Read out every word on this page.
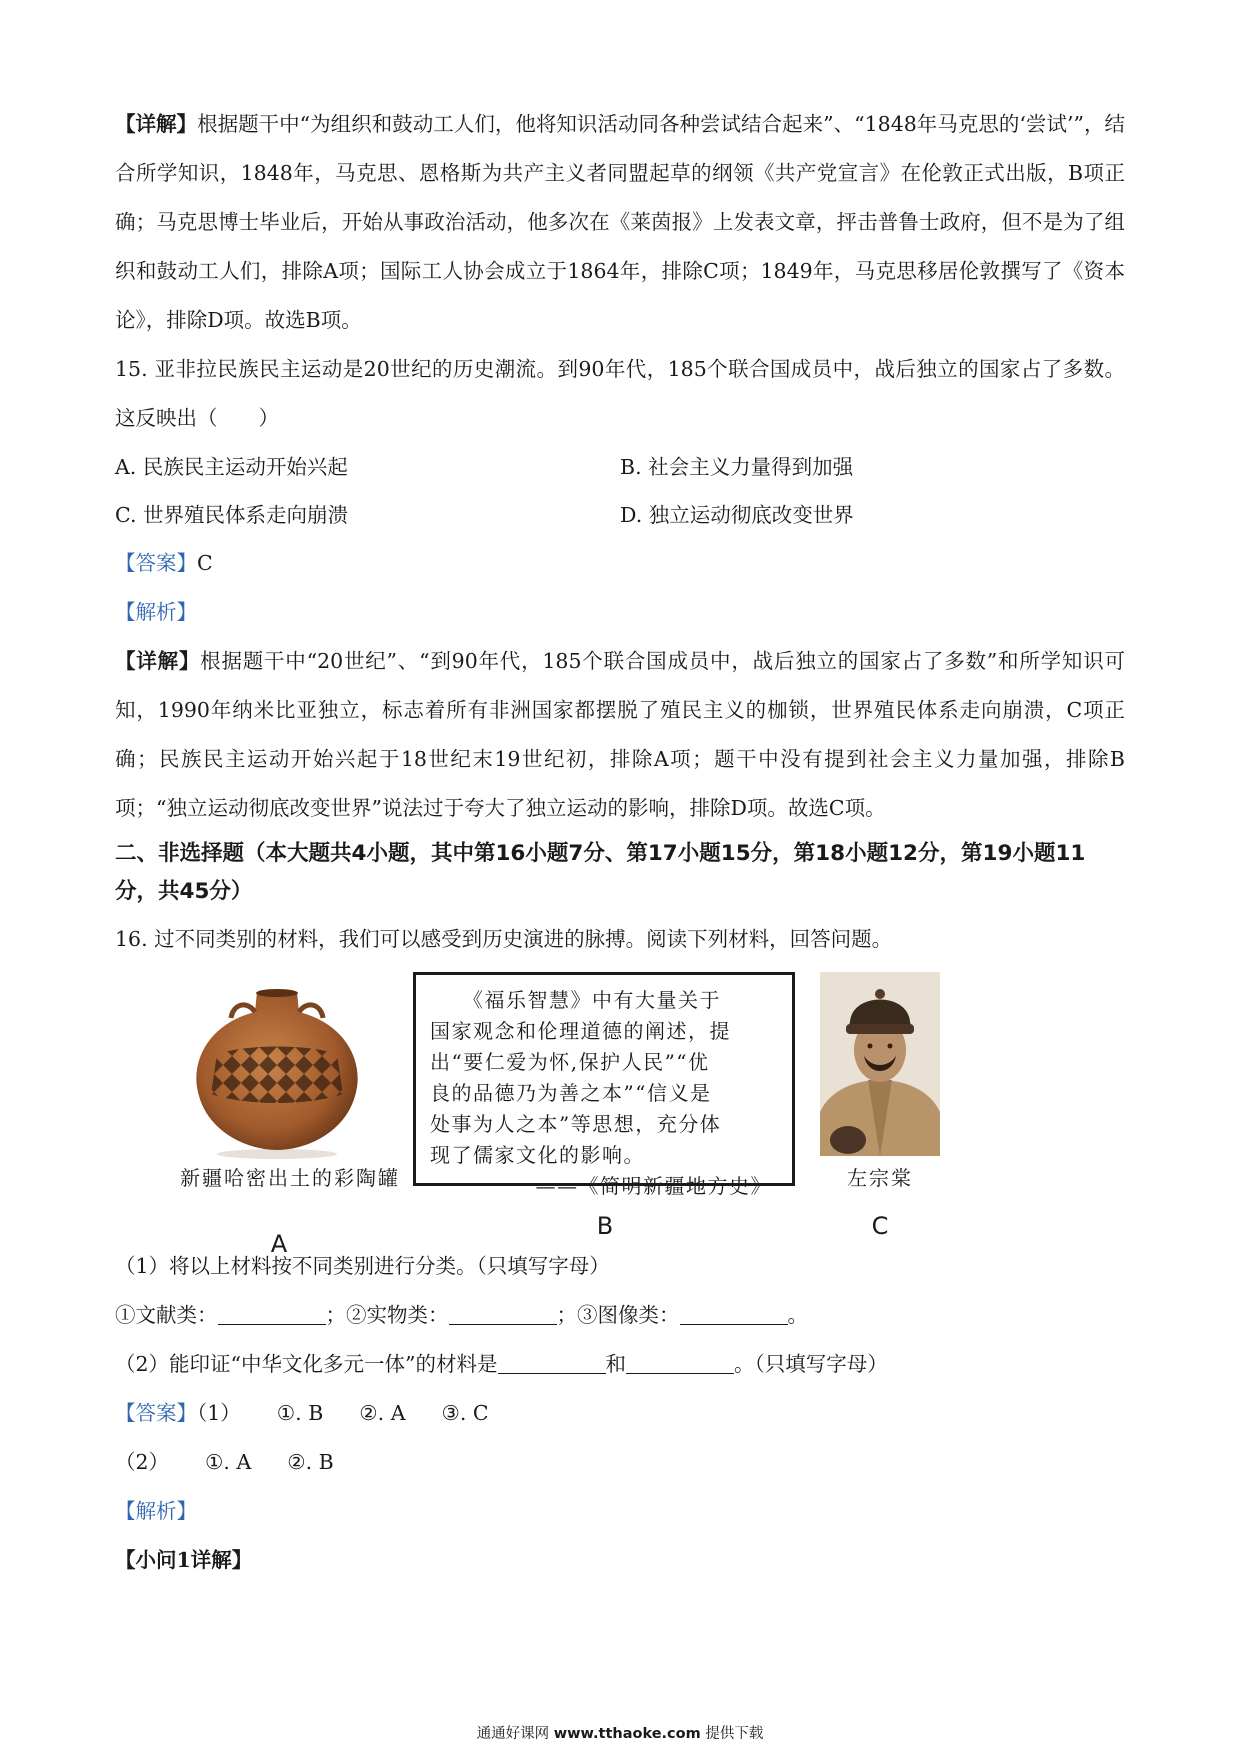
【详解】根据题干中“为组织和鼓动工人们，他将知识活动同各种尝试结合起来”、“1848年马克思的‘尝试’”，结合所学知识，1848年，马克思、恩格斯为共产主义者同盟起草的纲领《共产党宣言》在伦敦正式出版，B项正确；马克思博士毕业后，开始从事政治活动，他多次在《莱茵报》上发表文章，抨击普鲁士政府，但不是为了组织和鼓动工人们，排除A项；国际工人协会成立于1864年，排除C项；1849年，马克思移居伦敦撰写了《资本论》，排除D项。故选B项。

15. 亚非拉民族民主运动是20世纪的历史潮流。到90年代，185个联合国成员中，战后独立的国家占了多数。这反映出（　　）

A. 民族民主运动开始兴起	B. 社会主义力量得到加强
C. 世界殖民体系走向崩溃	D. 独立运动彻底改变世界

【答案】C

【解析】

【详解】根据题干中“20世纪”、“到90年代，185个联合国成员中，战后独立的国家占了多数”和所学知识可知，1990年纳米比亚独立，标志着所有非洲国家都摆脱了殖民主义的枷锁，世界殖民体系走向崩溃，C项正确；民族民主运动开始兴起于18世纪末19世纪初，排除A项；题干中没有提到社会主义力量加强，排除B项；“独立运动彻底改变世界”说法过于夸大了独立运动的影响，排除D项。故选C项。

二、非选择题（本大题共4小题，其中第16小题7分、第17小题15分，第18小题12分，第19小题11分，共45分）

16. 过不同类别的材料，我们可以感受到历史演进的脉搏。阅读下列材料，回答问题。

新疆哈密出土的彩陶罐
A
　　《福乐智慧》中有大量关于
国家观念和伦理道德的阐述，提
出“要仁爱为怀,保护人民”“优
良的品德乃为善之本”“信义是
处事为人之本”等思想，充分体
现了儒家文化的影响。
——《简明新疆地方史》
B
左宗棠
C

（1）将以上材料按不同类别进行分类。（只填写字母）

①文献类：	；②实物类：	；③图像类：	。

（2）能印证“中华文化多元一体”的材料是	和	。（只填写字母）

【答案】（1） ①. B ②. A ③. C

（2） ①. A ②. B

【解析】

【小问1详解】

通通好课网 www.tthaoke.com 提供下载
